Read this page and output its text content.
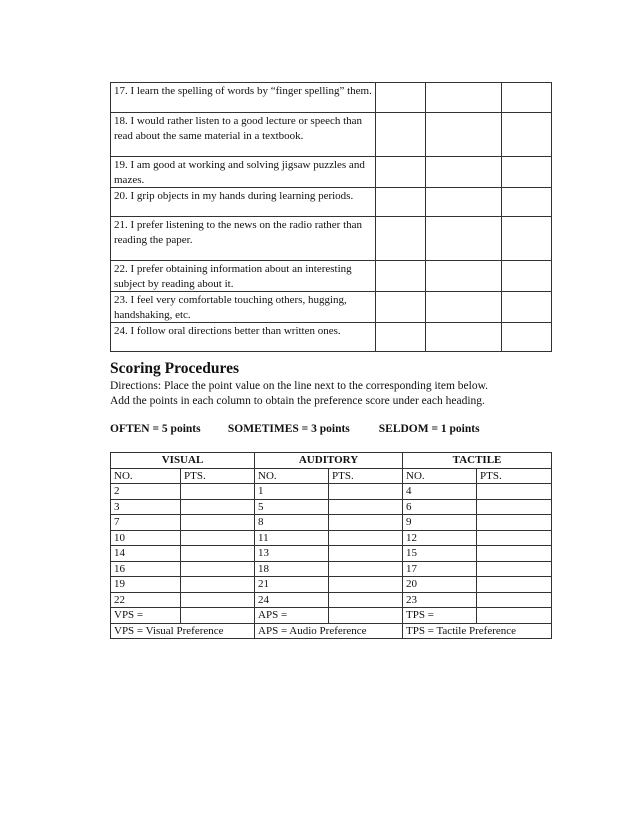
17. I learn the spelling of words by “finger spelling” them.			
18. I would rather listen to a good lecture or speech than read about the same material in a textbook.			
19. I am good at working and solving jigsaw puzzles and mazes.			
20. I grip objects in my hands during learning periods.			
21. I prefer listening to the news on the radio rather than reading the paper.			
22. I prefer obtaining information about an interesting subject by reading about it.			
23. I feel very comfortable touching others, hugging, handshaking, etc.			
24. I follow oral directions better than written ones.			
Scoring Procedures

Directions: Place the point value on the line next to the corresponding item below.

Add the points in each column to obtain the preference score under each heading.

OFTEN = 5 points SOMETIMES = 3 points	SELDOM = 1 points
VISUAL		AUDITORY		TACTILE	
NO.	PTS.	NO.	PTS.	NO.	PTS.
2		1		4	
3		5		6	
7		8		9	
10		11		12	
14		13		15	
16		18		17	
19		21		20	
22		24		23	
VPS =		APS =		TPS =	
VPS = Visual Preference		APS = Audio Preference		TPS = Tactile Preference	
